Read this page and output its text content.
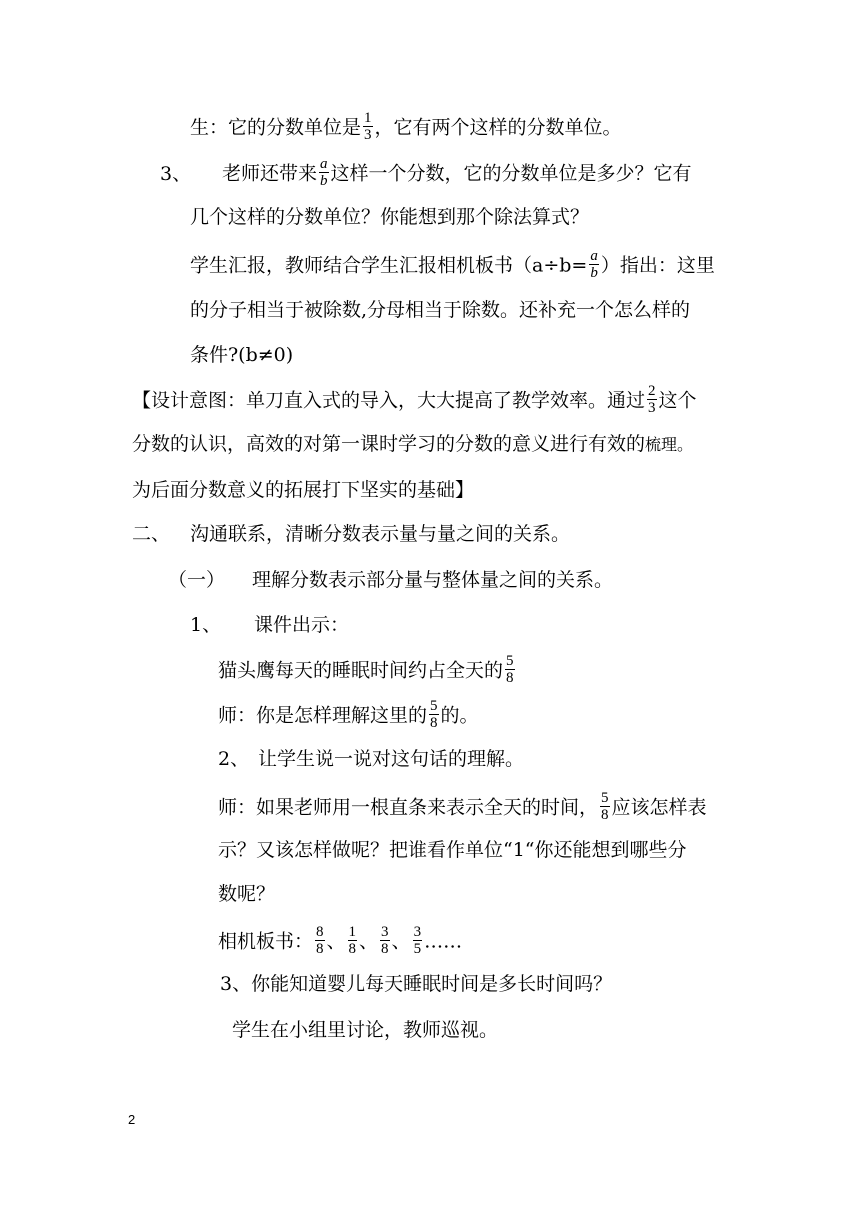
生：它的分数单位是 $\frac{1}{3}$ ，它有两个这样的分数单位。
3、 老师还带来 $\frac{a}{b}$ 这样一个分数，它的分数单位是多少？它有
几个这样的分数单位？你能想到那个除法算式？
学生汇报，教师结合学生汇报相机板书（$a\div b= \frac{a}{b}$ ）指出：这里
的分子相当于被除数,分母相当于除数。还补充一个怎么样的
条件?(b≠0)
【设计意图：单刀直入式的导入，大大提高了教学效率。通过 $\frac{2}{3}$ 这个
分数的认识，高效的对第一课时学习的分数的意义进行有效的梳理。
为后面分数意义的拓展打下坚实的基础】
二、 沟通联系，清晰分数表示量与量之间的关系。
（一） 理解分数表示部分量与整体量之间的关系。
1、 课件出示：
猫头鹰每天的睡眠时间约占全天的 $\frac{5}{8}$
师：你是怎样理解这里的 $\frac{5}{8}$ 的。
2、 让学生说一说对这句话的理解。
师：如果老师用一根直条来表示全天的时间， $\frac{5}{8}$ 应该怎样表
示？又该怎样做呢？把谁看作单位“1“你还能想到哪些分
数呢？
相机板书： $\frac{8}{8}$ 、 $\frac{1}{8}$ 、 $\frac{3}{8}$ 、 $\frac{3}{5}$ ……
3、你能知道婴儿每天睡眠时间是多长时间吗？
学生在小组里讨论，教师巡视。
2
